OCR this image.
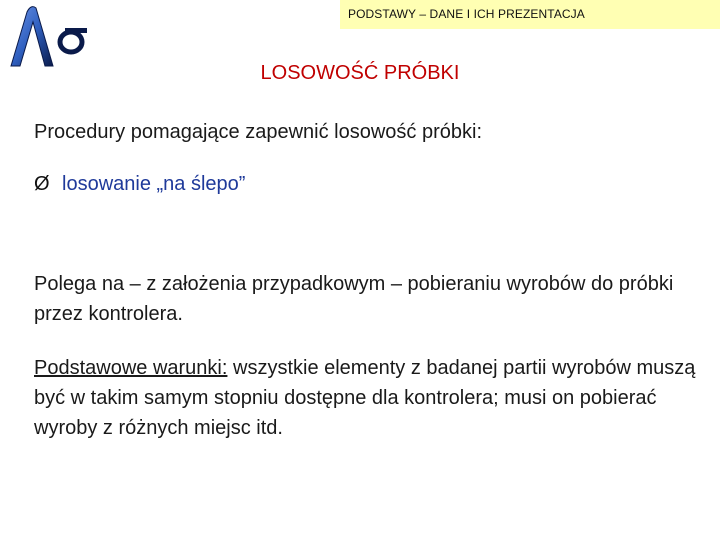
PODSTAWY – DANE I ICH PREZENTACJA
LOSOWOŚĆ PRÓBKI
Procedury pomagające zapewnić losowość próbki:
Ø losowanie „na ślepo”

Polega na – z założenia przypadkowym – pobieraniu wyrobów do próbki przez kontrolera.

Podstawowe warunki: wszystkie elementy z badanej partii wyrobów muszą być w takim samym stopniu dostępne dla kontrolera; musi on pobierać wyroby z różnych miejsc itd.
